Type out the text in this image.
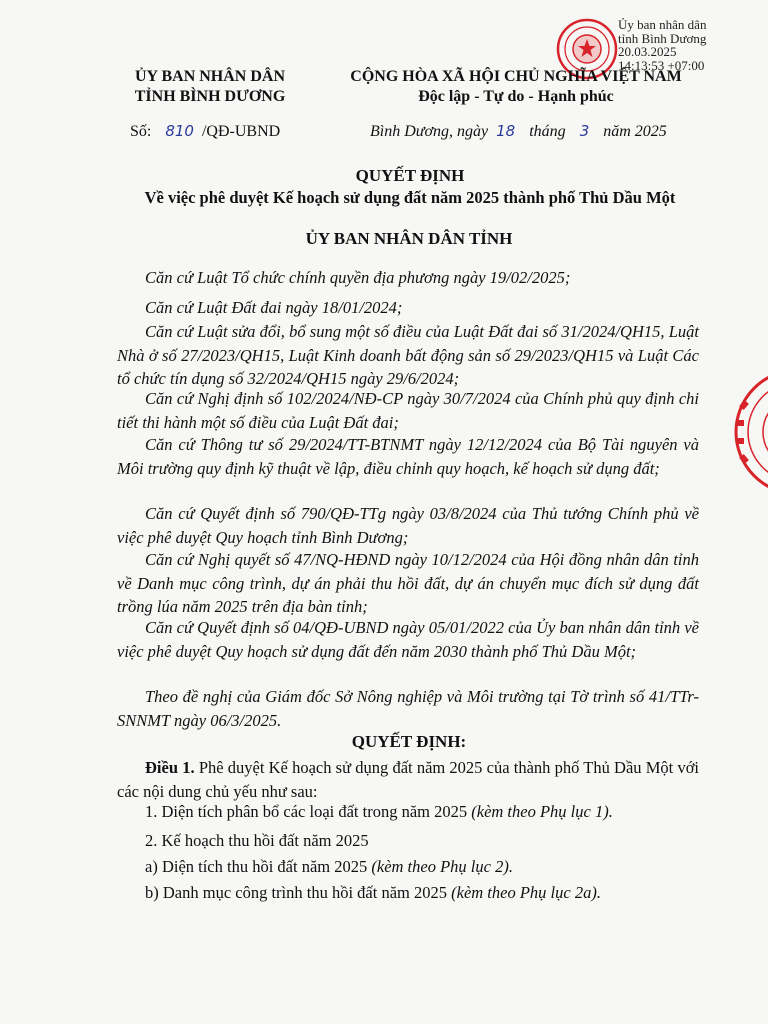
Ủy ban nhân dân
tỉnh Bình Dương
20.03.2025
14:13:53 +07:00
ỦY BAN NHÂN DÂN
TỈNH BÌNH DƯƠNG
CỘNG HÒA XÃ HỘI CHỦ NGHĨA VIỆT NAM
Độc lập - Tự do - Hạnh phúc
Số: 810 /QĐ-UBND	Bình Dương, ngày 18 tháng 3 năm 2025
QUYẾT ĐỊNH
Về việc phê duyệt Kế hoạch sử dụng đất năm 2025 thành phố Thủ Dầu Một
ỦY BAN NHÂN DÂN TỈNH
Căn cứ Luật Tổ chức chính quyền địa phương ngày 19/02/2025;
Căn cứ Luật Đất đai ngày 18/01/2024;
Căn cứ Luật sửa đổi, bổ sung một số điều của Luật Đất đai số 31/2024/QH15, Luật Nhà ở số 27/2023/QH15, Luật Kinh doanh bất động sản số 29/2023/QH15 và Luật Các tổ chức tín dụng số 32/2024/QH15 ngày 29/6/2024;
Căn cứ Nghị định số 102/2024/NĐ-CP ngày 30/7/2024 của Chính phủ quy định chi tiết thi hành một số điều của Luật Đất đai;
Căn cứ Thông tư số 29/2024/TT-BTNMT ngày 12/12/2024 của Bộ Tài nguyên và Môi trường quy định kỹ thuật về lập, điều chỉnh quy hoạch, kế hoạch sử dụng đất;
Căn cứ Quyết định số 790/QĐ-TTg ngày 03/8/2024 của Thủ tướng Chính phủ về việc phê duyệt Quy hoạch tỉnh Bình Dương;
Căn cứ Nghị quyết số 47/NQ-HĐND ngày 10/12/2024 của Hội đồng nhân dân tỉnh về Danh mục công trình, dự án phải thu hồi đất, dự án chuyển mục đích sử dụng đất trồng lúa năm 2025 trên địa bàn tỉnh;
Căn cứ Quyết định số 04/QĐ-UBND ngày 05/01/2022 của Ủy ban nhân dân tỉnh về việc phê duyệt Quy hoạch sử dụng đất đến năm 2030 thành phố Thủ Dầu Một;
Theo đề nghị của Giám đốc Sở Nông nghiệp và Môi trường tại Tờ trình số 41/TTr-SNNMT ngày 06/3/2025.
QUYẾT ĐỊNH:
Điều 1. Phê duyệt Kế hoạch sử dụng đất năm 2025 của thành phố Thủ Dầu Một với các nội dung chủ yếu như sau:
1. Diện tích phân bổ các loại đất trong năm 2025 (kèm theo Phụ lục 1).
2. Kế hoạch thu hồi đất năm 2025
a) Diện tích thu hồi đất năm 2025 (kèm theo Phụ lục 2).
b) Danh mục công trình thu hồi đất năm 2025 (kèm theo Phụ lục 2a).
